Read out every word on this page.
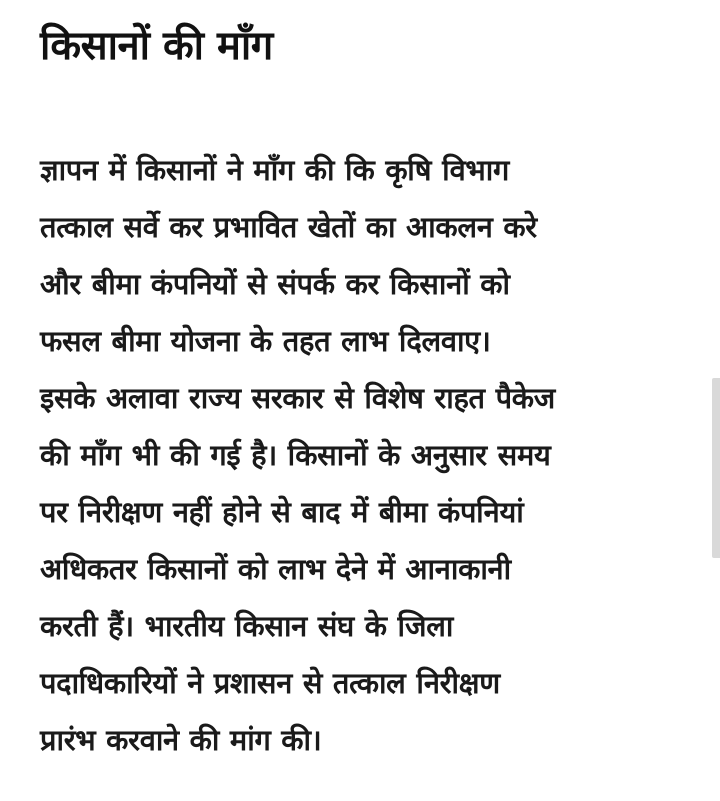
किसानों की माँग

ज्ञापन में किसानों ने माँग की कि कृषि विभाग
तत्काल सर्वे कर प्रभावित खेतों का आकलन करे
और बीमा कंपनियों से संपर्क कर किसानों को
फसल बीमा योजना के तहत लाभ दिलवाए।
इसके अलावा राज्य सरकार से विशेष राहत पैकेज
की माँग भी की गई है। किसानों के अनुसार समय
पर निरीक्षण नहीं होने से बाद में बीमा कंपनियां
अधिकतर किसानों को लाभ देने में आनाकानी
करती हैं। भारतीय किसान संघ के जिला
पदाधिकारियों ने प्रशासन से तत्काल निरीक्षण
प्रारंभ करवाने की मांग की।
